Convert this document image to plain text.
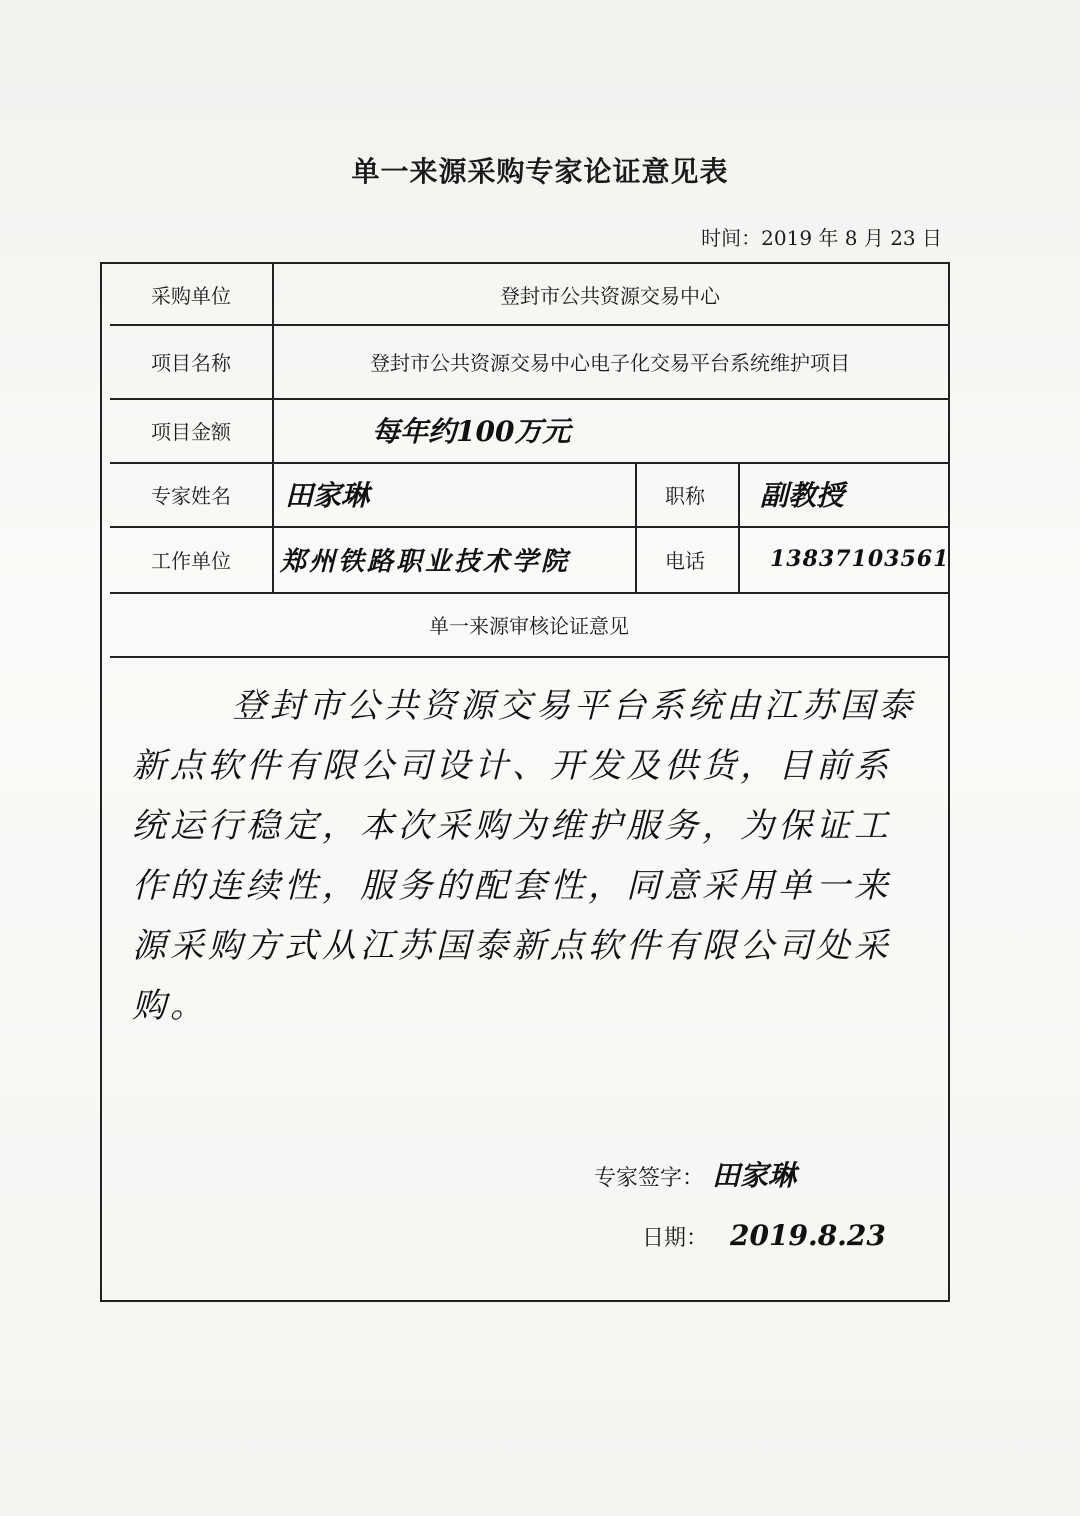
单一来源采购专家论证意见表
时间：2019 年 8 月 23 日
采购单位	登封市公共资源交易中心
项目名称	登封市公共资源交易中心电子化交易平台系统维护项目
项目金额	每年约100万元
专家姓名	田家琳	职称	副教授
工作单位	郑州铁路职业技术学院	电话	13837103561
单一来源审核论证意见
登封市公共资源交易平台系统由江苏国泰新点软件有限公司设计、开发及供货，目前系统运行稳定，本次采购为维护服务，为保证工作的连续性，服务的配套性，同意采用单一来源采购方式从江苏国泰新点软件有限公司处采购。
专家签字： 田家琳
日期： 2019.8.23
